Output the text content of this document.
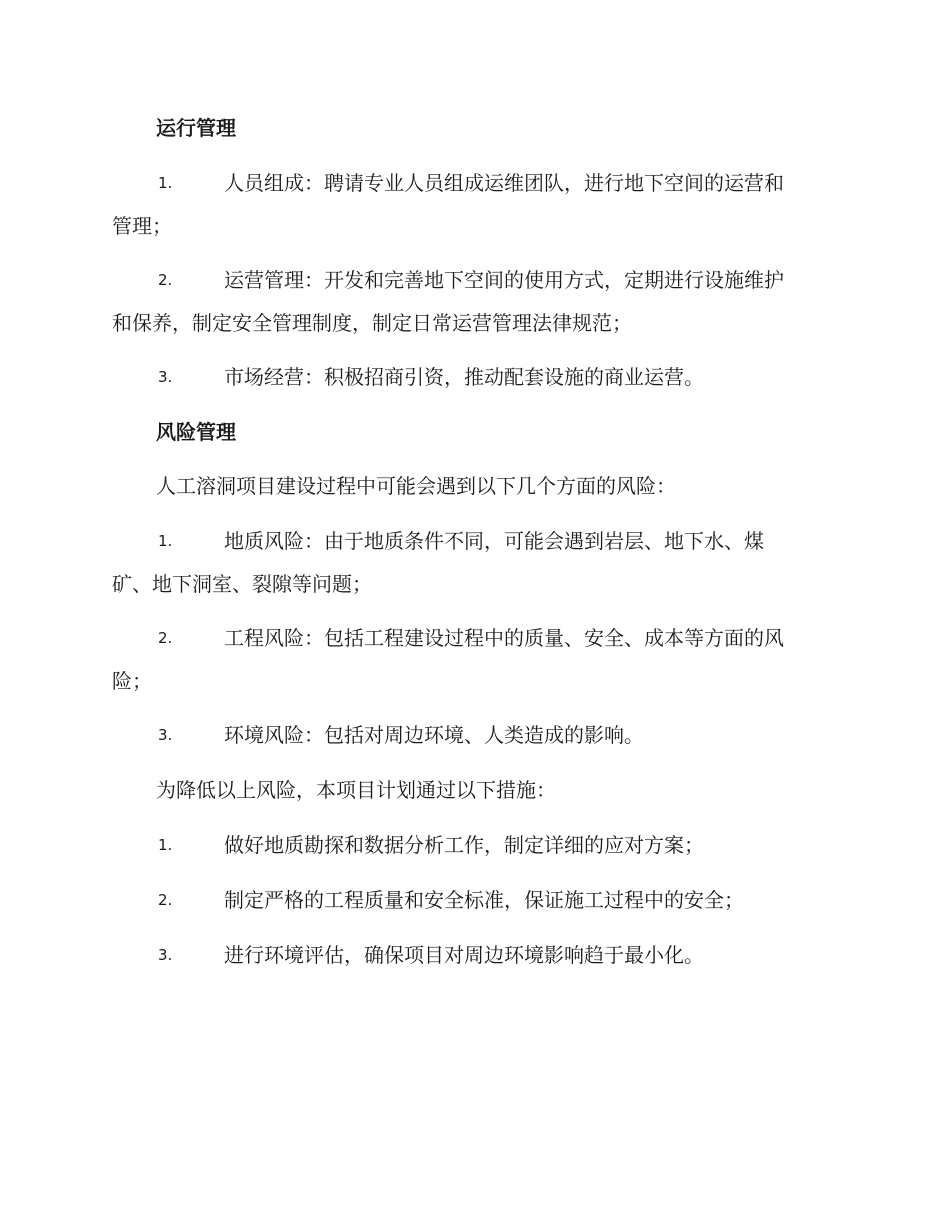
运行管理
1.	人员组成：聘请专业人员组成运维团队，进行地下空间的运营和
管理；
2.	运营管理：开发和完善地下空间的使用方式，定期进行设施维护
和保养，制定安全管理制度，制定日常运营管理法律规范；
3.	市场经营：积极招商引资，推动配套设施的商业运营。
风险管理
人工溶洞项目建设过程中可能会遇到以下几个方面的风险：
1.	地质风险：由于地质条件不同，可能会遇到岩层、地下水、煤
矿、地下洞室、裂隙等问题；
2.	工程风险：包括工程建设过程中的质量、安全、成本等方面的风
险；
3.	环境风险：包括对周边环境、人类造成的影响。
为降低以上风险，本项目计划通过以下措施：
1.	做好地质勘探和数据分析工作，制定详细的应对方案；
2.	制定严格的工程质量和安全标准，保证施工过程中的安全；
3.	进行环境评估，确保项目对周边环境影响趋于最小化。
